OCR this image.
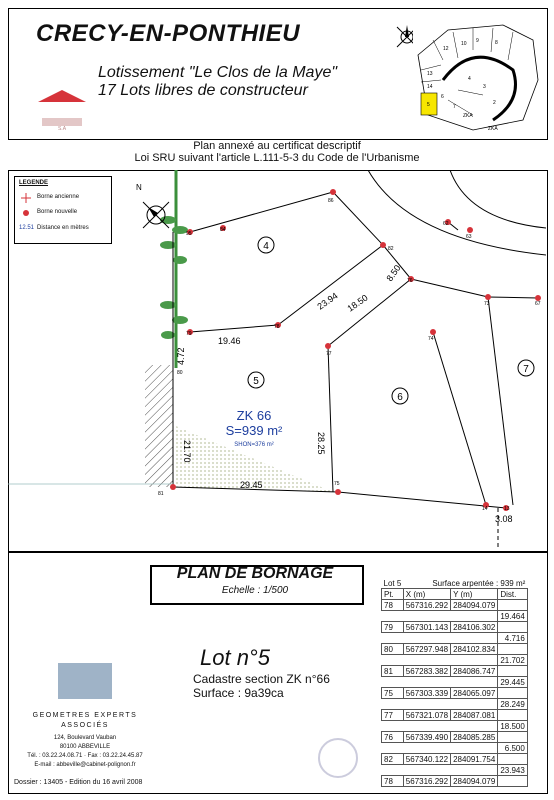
CRECY-EN-PONTHIEU
Lotissement "Le Clos de la Maye"
17 Lots libres de constructeur
S.A
13
14
5
12
10 9	8
6
7
4
3
2
ZKA
ZKA
Plan annexé au certificat descriptif
Loi SRU suivant l'article L.111-5-3 du Code de l'Urbanisme
N
95
84
86
62
63
82
76
73	67
79
78
80
77
74
81
75
14	13
4
5
6
7
19.46
23.94
8.50
18.50
4.72
21.70	28.25
29.45
3.08
ZK 66
S=939 m²
SHON=376 m²
LEGENDE
Borne ancienne
Borne nouvelle
12.51 Distance en mètres
PLAN DE BORNAGE
Echelle : 1/500
Lot n°5
Cadastre section ZK n°66
Surface : 9a39ca
GEOMETRES EXPERTS
ASSOCIÉS
124, Boulevard Vauban
80100 ABBEVILLE
Tél. : 03.22.24.08.71 · Fax : 03.22.24.45.87
E-mail : abbeville@cabinet-polignon.fr
Dossier : 13405 - Edition du 16 avril 2008
Lot 5	Surface arpentée : 939 m²		
Pt.	X (m)	Y (m)	Dist.
78	567316.292	284094.079	
			19.464
79	567301.143	284106.302	
			4.716
80	567297.948	284102.834	
			21.702
81	567283.382	284086.747	
			29.445
75	567303.339	284065.097	
			28.249
77	567321.078	284087.081	
			18.500
76	567339.490	284085.285	
			6.500
82	567340.122	284091.754	
			23.943
78	567316.292	284094.079	
